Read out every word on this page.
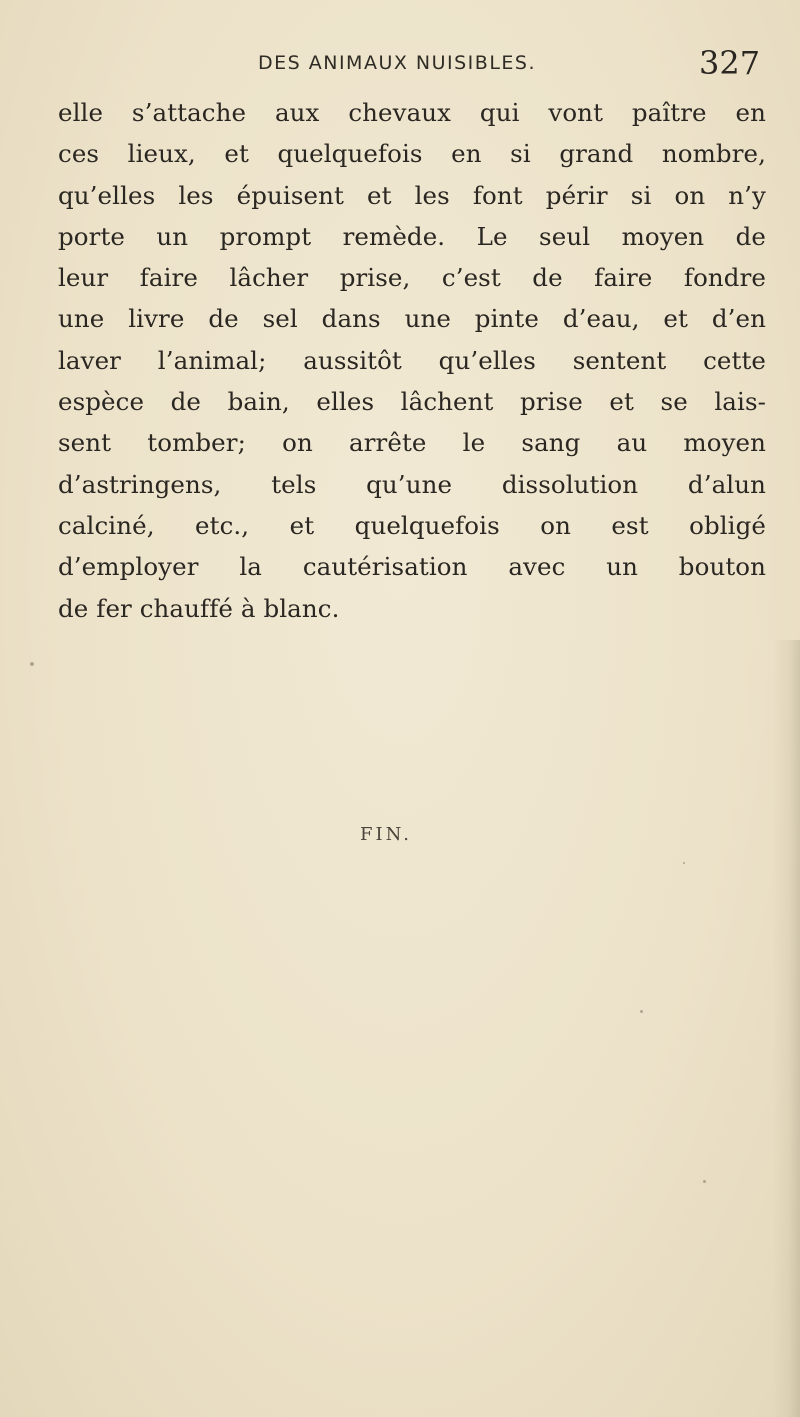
DES ANIMAUX NUISIBLES.	327
elle s’attache aux chevaux qui vont paître en
ces lieux, et quelquefois en si grand nombre,
qu’elles les épuisent et les font périr si on n’y
porte un prompt remède. Le seul moyen de
leur faire lâcher prise, c’est de faire fondre
une livre de sel dans une pinte d’eau, et d’en
laver l’animal; aussitôt qu’elles sentent cette
espèce de bain, elles lâchent prise et se lais-
sent tomber; on arrête le sang au moyen
d’astringens, tels qu’une dissolution d’alun
calciné, etc., et quelquefois on est obligé
d’employer la cautérisation avec un bouton
de fer chauffé à blanc.
FIN.
